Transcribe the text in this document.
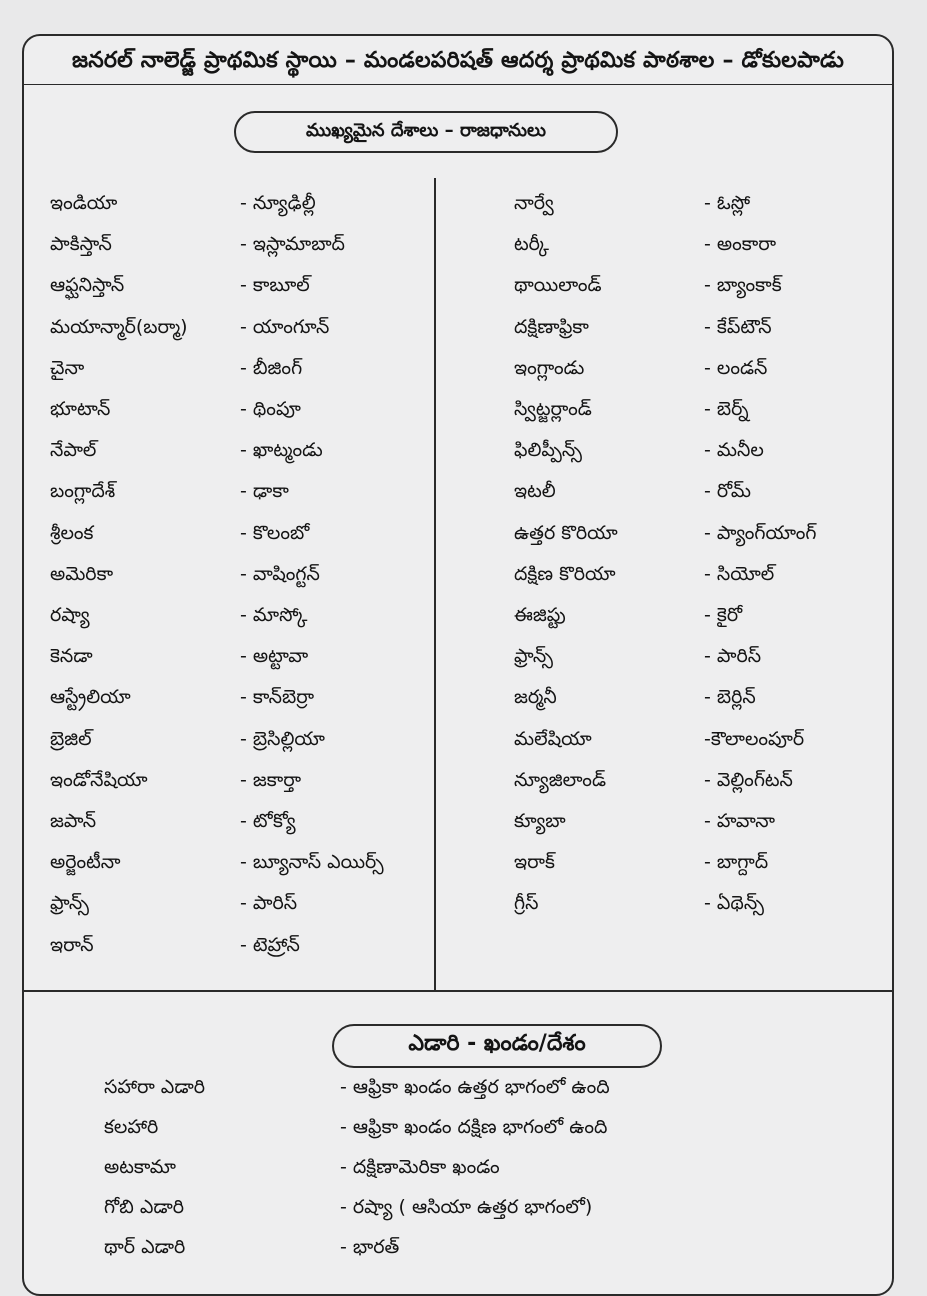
జనరల్ నాలెడ్జ్ ప్రాథమిక స్థాయి – మండలపరిషత్ ఆదర్శ ప్రాథమిక పాఠశాల – డోకులపాడు
ముఖ్యమైన దేశాలు – రాజధానులు
ఇండియా	- న్యూఢిల్లీ
పాకిస్తాన్	- ఇస్లామాబాద్
ఆఫ్ఘనిస్తాన్	- కాబూల్
మయాన్మార్(బర్మా)	- యాంగూన్
చైనా	- బీజింగ్
భూటాన్	- థింపూ
నేపాల్	- ఖాట్మండు
బంగ్లాదేశ్	- ఢాకా
శ్రీలంక	- కొలంబో
అమెరికా	- వాషింగ్టన్
రష్యా	- మాస్కో
కెనడా	- అట్టావా
ఆస్ట్రేలియా	- కాన్‌బెర్రా
బ్రెజిల్	- బ్రెసిల్లియా
ఇండోనేషియా	- జకార్తా
జపాన్	- టోక్యో
అర్జెంటీనా	- బ్యూనాస్ ఎయిర్స్
ఫ్రాన్స్	- పారిస్
ఇరాన్	- టెహ్రాన్
నార్వే	- ఓస్లో
టర్కీ	- అంకారా
థాయిలాండ్	- బ్యాంకాక్
దక్షిణాఫ్రికా	- కేప్‌టౌన్
ఇంగ్లాండు	- లండన్
స్విట్జర్లాండ్	- బెర్న్
ఫిలిప్పీన్స్	- మనీల
ఇటలీ	- రోమ్
ఉత్తర కొరియా	- ప్యాంగ్‌యాంగ్
దక్షిణ కొరియా	- సియోల్
ఈజిప్టు	- కైరో
ఫ్రాన్స్	- పారిస్
జర్మనీ	- బెర్లిన్
మలేషియా	-కౌలాలంపూర్
న్యూజిలాండ్	- వెల్లింగ్‌టన్
క్యూబా	- హవానా
ఇరాక్	- బాగ్దాద్
గ్రీస్	- ఏథెన్స్
ఎడారి - ఖండం/దేశం
సహారా ఎడారి	- ఆఫ్రికా ఖండం ఉత్తర భాగంలో ఉంది
కలహారి	- ఆఫ్రికా ఖండం దక్షిణ భాగంలో ఉంది
అటకామా	- దక్షిణామెరికా ఖండం
గోబి ఎడారి	- రష్యా ( ఆసియా ఉత్తర భాగంలో)
థార్ ఎడారి	- భారత్
